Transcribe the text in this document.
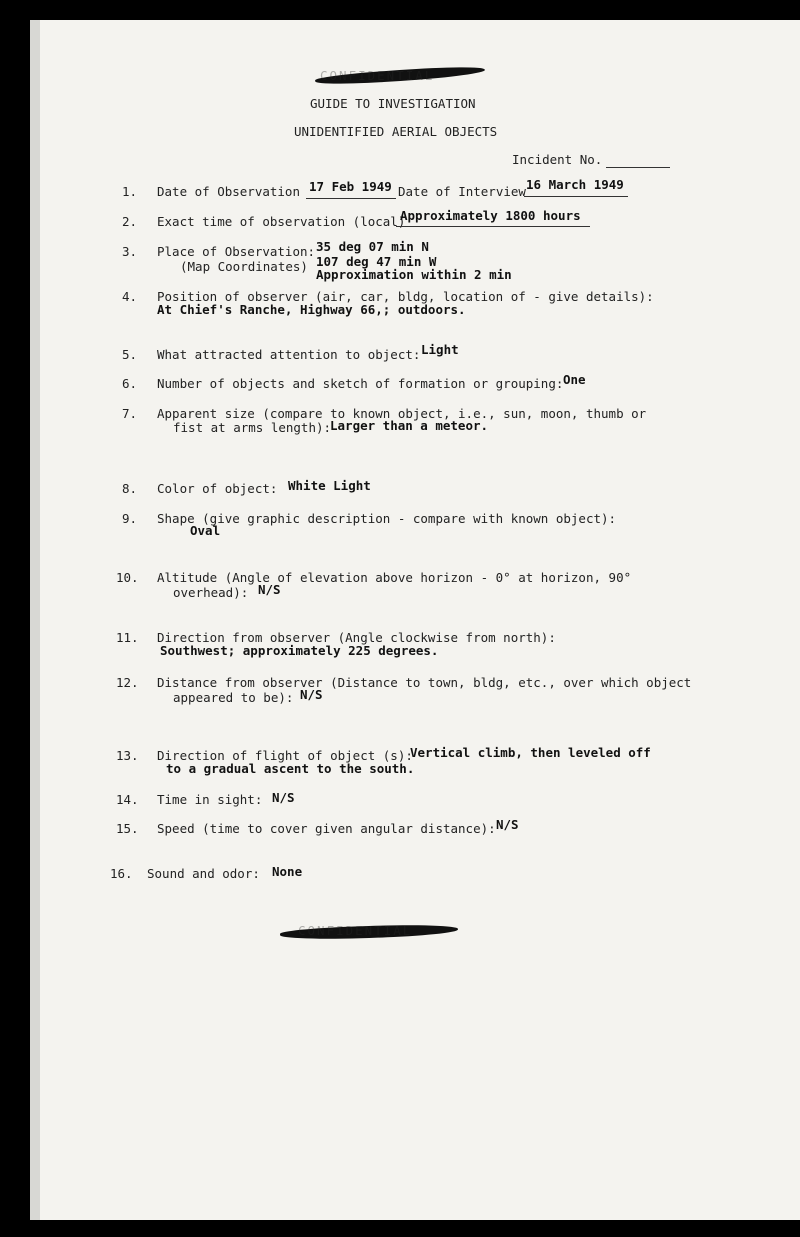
CONFIDENTIAL
GUIDE TO INVESTIGATION
UNIDENTIFIED AERIAL OBJECTS
Incident No.
1. Date of Observation 17 Feb 1949 Date of Interview 16 March 1949
2. Exact time of observation (local)
Approximately 1800 hours
3. Place of Observation:
(Map Coordinates)
35 deg 07 min N
107 deg 47 min W
Approximation within 2 min
4. Position of observer (air, car, bldg, location of - give details):
At Chief's Ranche, Highway 66,; outdoors.
5. What attracted attention to object: Light
6. Number of objects and sketch of formation or grouping: One
7. Apparent size (compare to known object, i.e., sun, moon, thumb or
fist at arms length):
Larger than a meteor.
8. Color of object: White Light
9. Shape (give graphic description - compare with known object):
Oval
10. Altitude (Angle of elevation above horizon - 0° at horizon, 90°
overhead): N/S
11. Direction from observer (Angle clockwise from north):
Southwest; approximately 225 degrees.
12. Distance from observer (Distance to town, bldg, etc., over which object
appeared to be): N/S
13. Direction of flight of object (s):
Vertical climb, then leveled off
to a gradual ascent to the south.
14. Time in sight: N/S
15. Speed (time to cover given angular distance): N/S
16. Sound and odor: None
CONFIDENTIAL
